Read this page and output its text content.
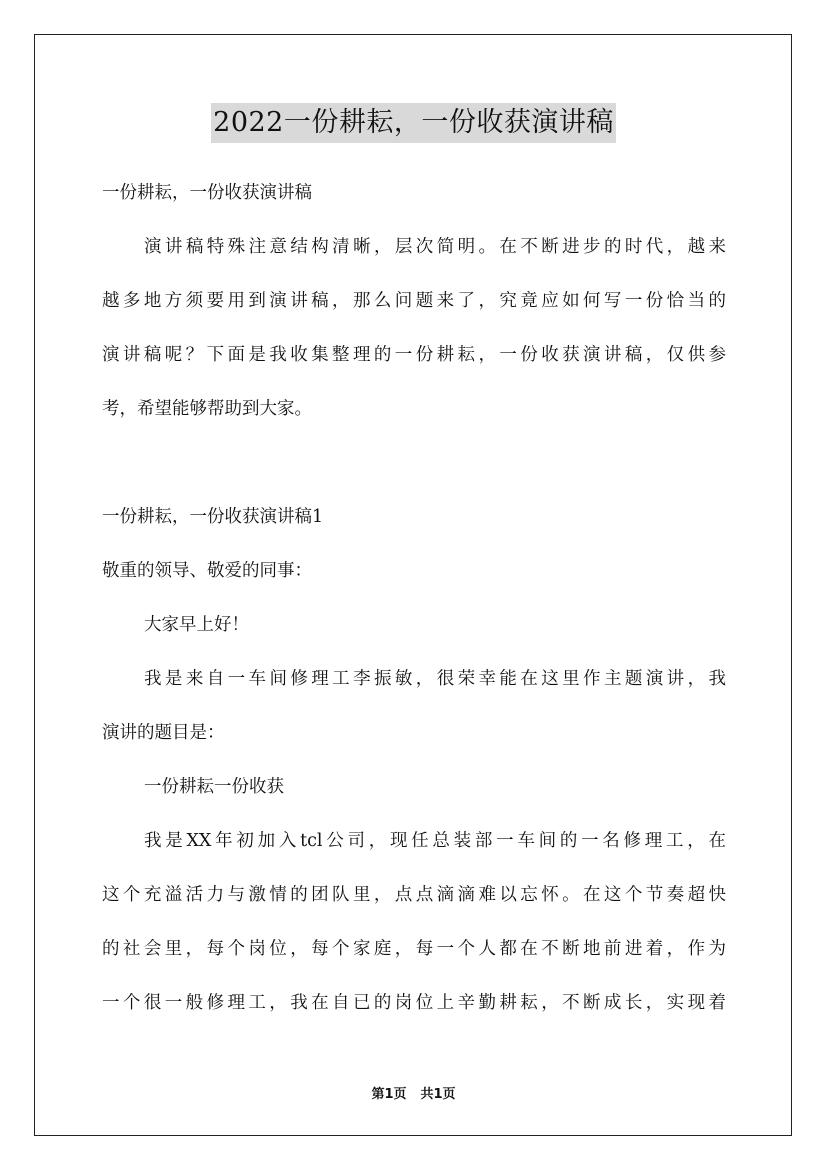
2022一份耕耘，一份收获演讲稿
一份耕耘，一份收获演讲稿
演讲稿特殊注意结构清晰，层次简明。在不断进步的时代，越来
越多地方须要用到演讲稿，那么问题来了，究竟应如何写一份恰当的
演讲稿呢？下面是我收集整理的一份耕耘，一份收获演讲稿，仅供参
考，希望能够帮助到大家。
一份耕耘，一份收获演讲稿1
敬重的领导、敬爱的同事：
大家早上好！
我是来自一车间修理工李振敏，很荣幸能在这里作主题演讲，我
演讲的题目是：
一份耕耘一份收获
我是XX年初加入tcl公司，现任总装部一车间的一名修理工，在
这个充溢活力与激情的团队里，点点滴滴难以忘怀。在这个节奏超快
的社会里，每个岗位，每个家庭，每一个人都在不断地前进着，作为
一个很一般修理工，我在自已的岗位上辛勤耕耘，不断成长，实现着
第1页 共1页
